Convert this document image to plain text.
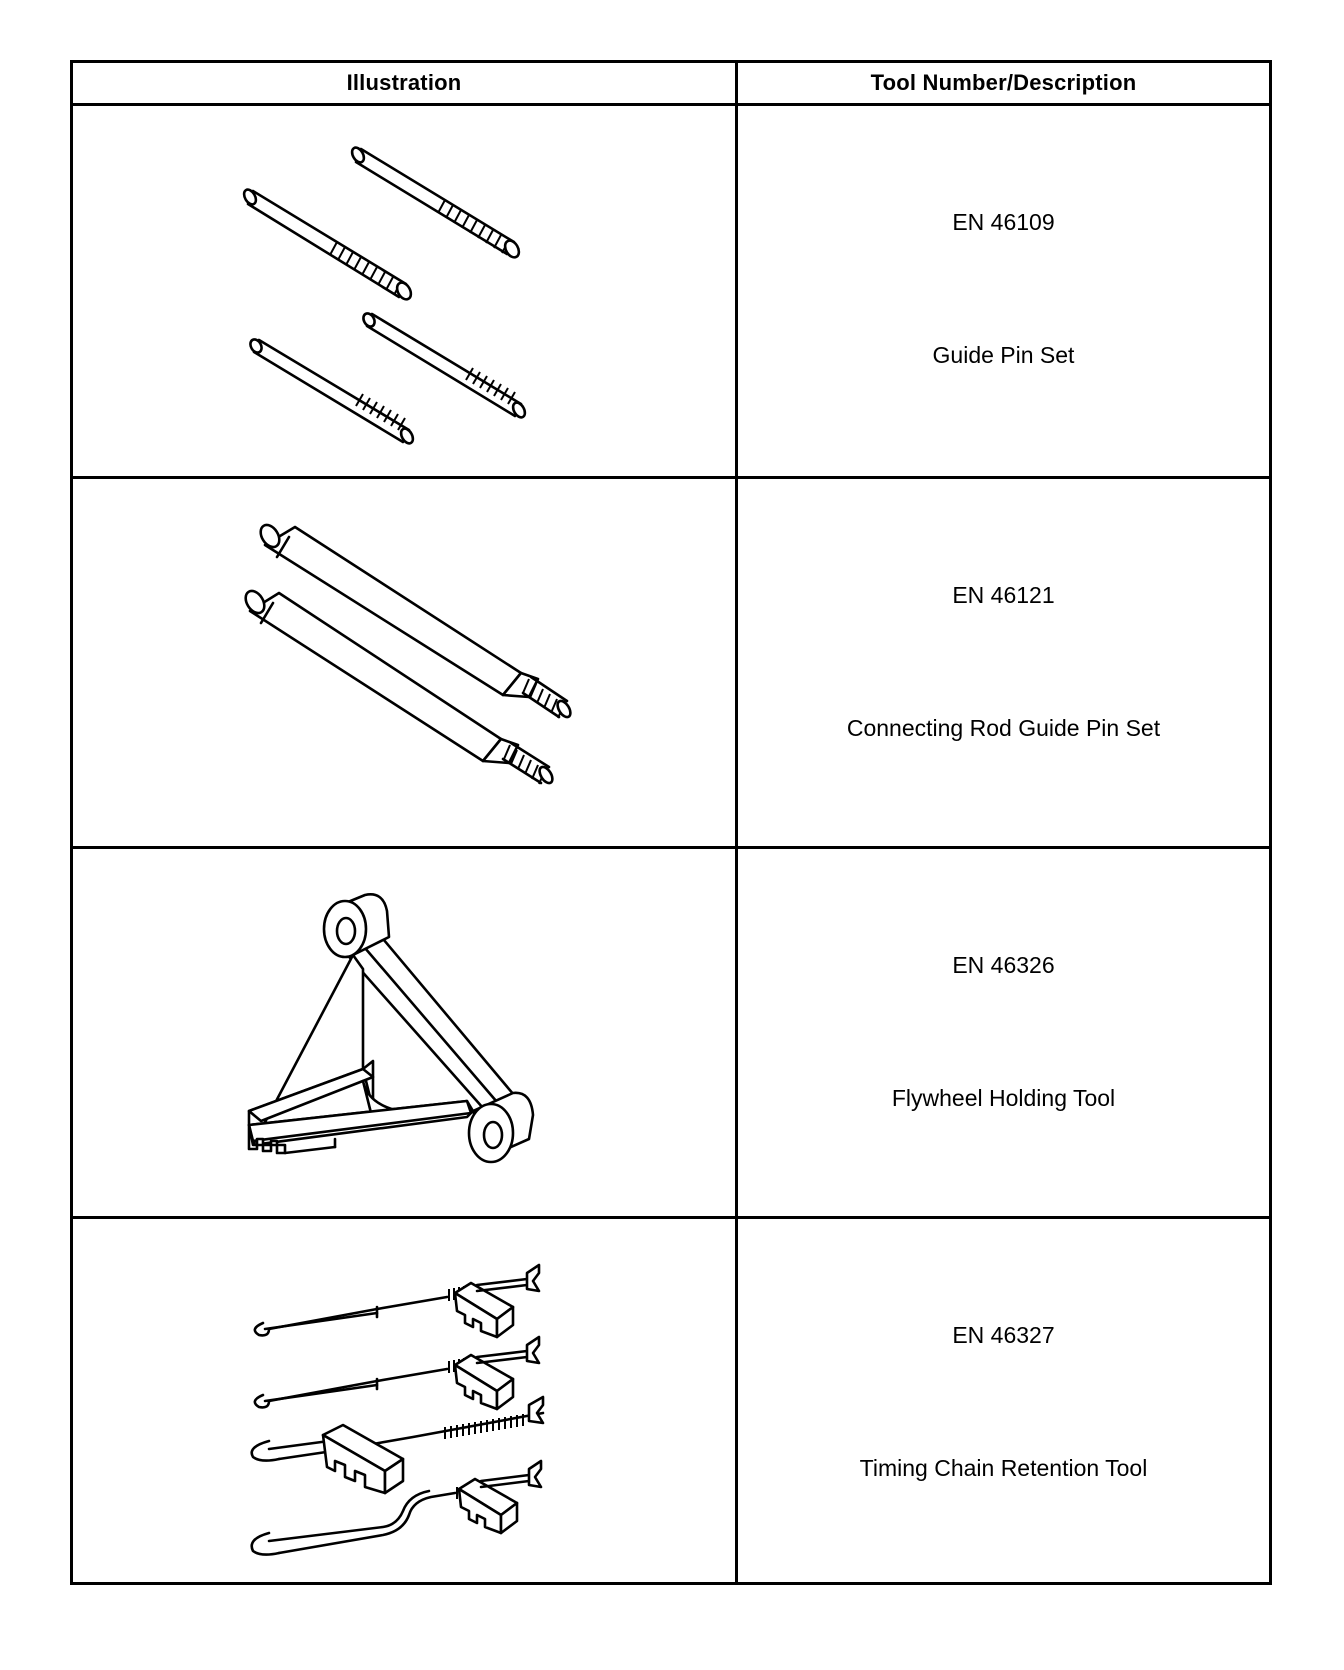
Illustration	Tool Number/Description
EN 46109
Guide Pin Set
EN 46121
Connecting Rod Guide Pin Set
EN 46326
Flywheel Holding Tool
EN 46327
Timing Chain Retention Tool
